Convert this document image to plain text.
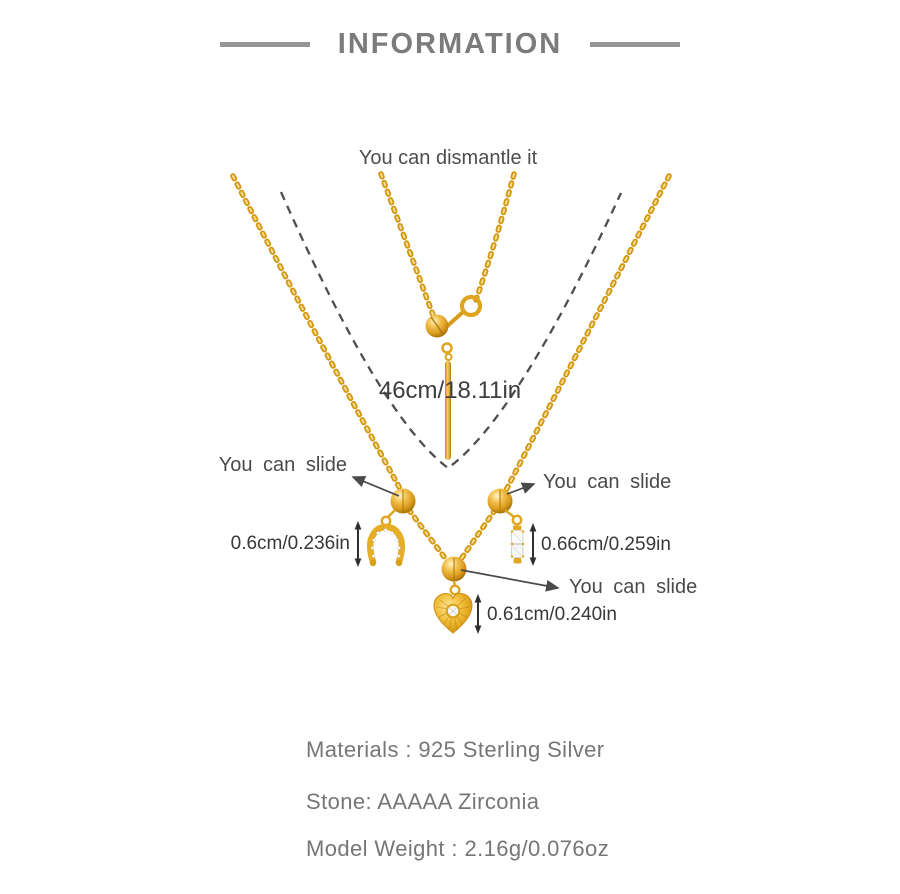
INFORMATION
You can dismantle it
46cm/18.11in
You can slide
You can slide
You can slide
0.6cm/0.236in	0.66cm/0.259in
0.61cm/0.240in
Materials : 925 Sterling Silver
Stone: AAAAA Zirconia
Model Weight : 2.16g/0.076oz
